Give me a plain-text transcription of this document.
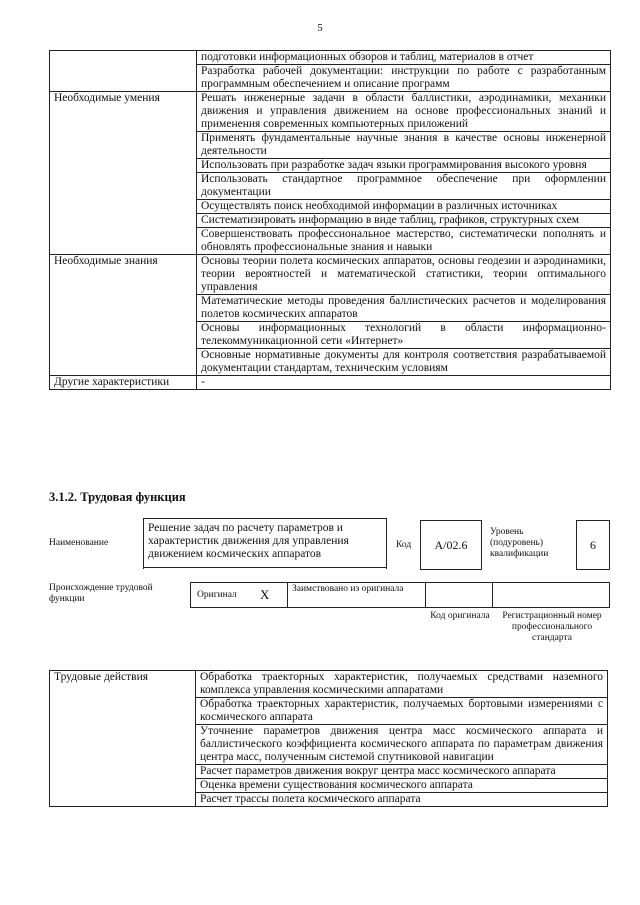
5
	подготовки информационных обзоров и таблиц, материалов в отчет
	Разработка рабочей документации: инструкции по работе с разработанным программным обеспечением и описание программ
Необходимые умения	Решать инженерные задачи в области баллистики, аэродинамики, механики движения и управления движением на основе профессиональных знаний и применения современных компьютерных приложений
	Применять фундаментальные научные знания в качестве основы инженерной деятельности
	Использовать при разработке задач языки программирования высокого уровня
	Использовать стандартное программное обеспечение при оформлении документации
	Осуществлять поиск необходимой информации в различных источниках
	Систематизировать информацию в виде таблиц, графиков, структурных схем
	Совершенствовать профессиональное мастерство, систематически пополнять и обновлять профессиональные знания и навыки
Необходимые знания	Основы теории полета космических аппаратов, основы геодезии и аэродинамики, теории вероятностей и математической статистики, теории оптимального управления
	Математические методы проведения баллистических расчетов и моделирования полетов космических аппаратов
	Основы информационных технологий в области информационно-телекоммуникационной сети «Интернет»
	Основные нормативные документы для контроля соответствия разрабатываемой документации стандартам, техническим условиям
Другие характеристики	-
3.1.2. Трудовая функция
Наименование
Решение задач по расчету параметров и характеристик движения для управления движением космических аппаратов
Код	A/02.6
Уровень (подуровень) квалификации
6
Происхождение трудовой функции	Оригинал X Заимствовано из оригинала
Код оригинала	Регистрационный номер профессионального стандарта
Трудовые действия	Обработка траекторных характеристик, получаемых средствами наземного комплекса управления космическими аппаратами
Обработка траекторных характеристик, получаемых бортовыми измерениями с космического аппарата
Уточнение параметров движения центра масс космического аппарата и баллистического коэффициента космического аппарата по параметрам движения центра масс, полученным системой спутниковой навигации
Расчет параметров движения вокруг центра масс космического аппарата
Оценка времени существования космического аппарата
Расчет трассы полета космического аппарата
